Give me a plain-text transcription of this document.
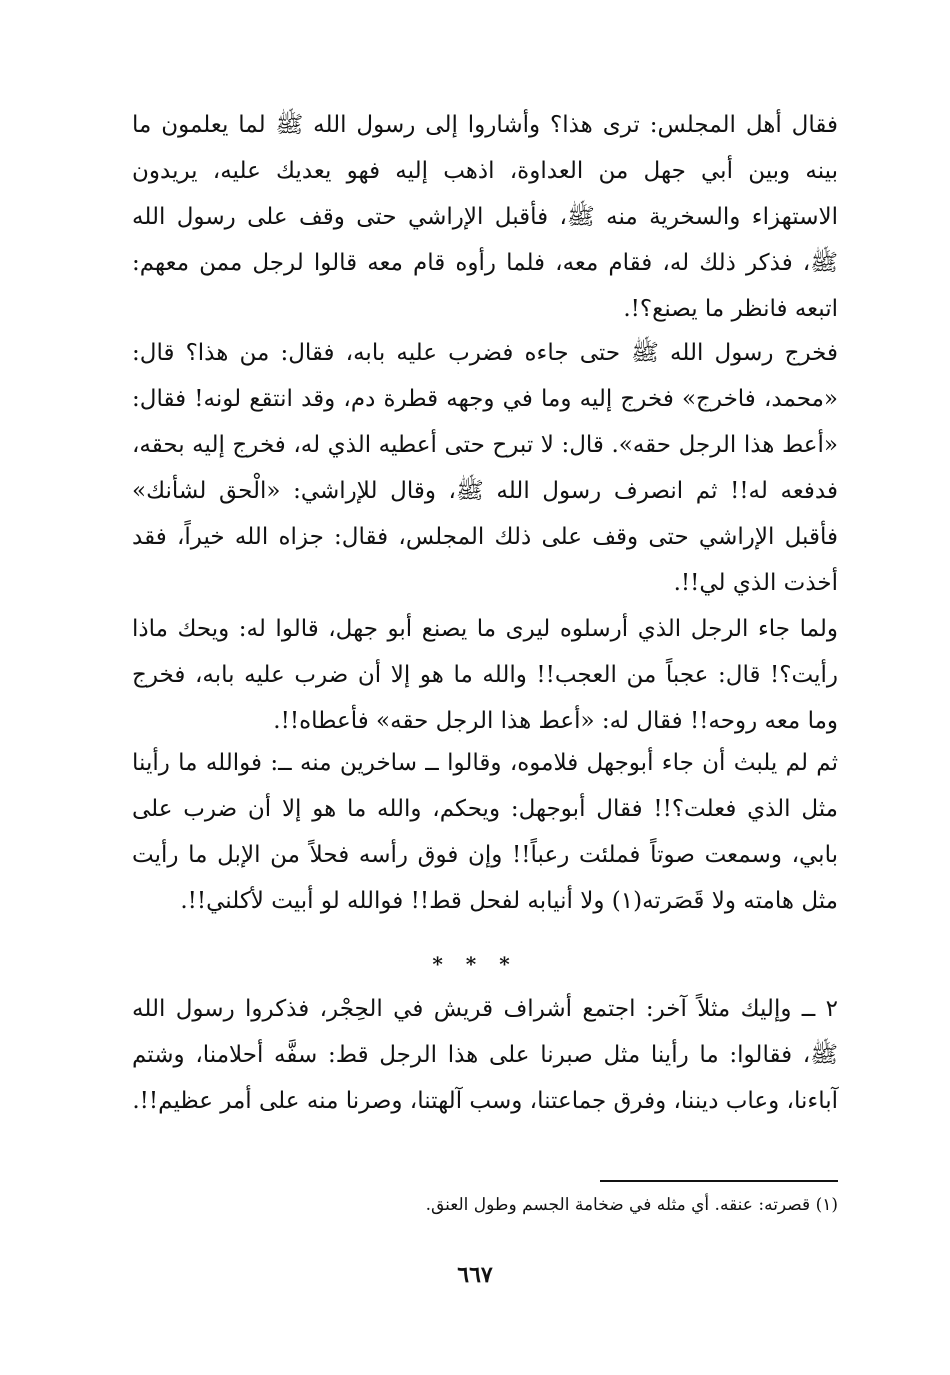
فقال أهل المجلس: ترى هذا؟ وأشاروا إلى رسول الله ﷺ لما يعلمون ما بينه وبين أبي جهل من العداوة، اذهب إليه فهو يعديك عليه، يريدون الاستهزاء والسخرية منه ﷺ، فأقبل الإراشي حتى وقف على رسول الله ﷺ، فذكر ذلك له، فقام معه، فلما رأوه قام معه قالوا لرجل ممن معهم: اتبعه فانظر ما يصنع؟!.

فخرج رسول الله ﷺ حتى جاءه فضرب عليه بابه، فقال: من هذا؟ قال: «محمد، فاخرج» فخرج إليه وما في وجهه قطرة دم، وقد انتقع لونه! فقال: «أعط هذا الرجل حقه». قال: لا تبرح حتى أعطيه الذي له، فخرج إليه بحقه، فدفعه له!! ثم انصرف رسول الله ﷺ، وقال للإراشي: «الْحق لشأنك» فأقبل الإراشي حتى وقف على ذلك المجلس، فقال: جزاه الله خيراً، فقد أخذت الذي لي!!.

ولما جاء الرجل الذي أرسلوه ليرى ما يصنع أبو جهل، قالوا له: ويحك ماذا رأيت؟! قال: عجباً من العجب!! والله ما هو إلا أن ضرب عليه بابه، فخرج وما معه روحه!! فقال له: «أعط هذا الرجل حقه» فأعطاه!!.

ثم لم يلبث أن جاء أبوجهل فلاموه، وقالوا ــ ساخرين منه ــ: فوالله ما رأينا مثل الذي فعلت؟!! فقال أبوجهل: ويحكم، والله ما هو إلا أن ضرب على بابي، وسمعت صوتاً فملئت رعباً!! وإن فوق رأسه فحلاً من الإبل ما رأيت مثل هامته ولا قَصَرته(١) ولا أنيابه لفحل قط!! فوالله لو أبيت لأكلني!!.

* * *

٢ ــ وإليك مثلاً آخر: اجتمع أشراف قريش في الحِجْر، فذكروا رسول الله ﷺ، فقالوا: ما رأينا مثل صبرنا على هذا الرجل قط: سفَّه أحلامنا، وشتم آباءنا، وعاب ديننا، وفرق جماعتنا، وسب آلهتنا، وصرنا منه على أمر عظيم!!.

(١) قصرته: عنقه. أي مثله في ضخامة الجسم وطول العنق.
٦٦٧
